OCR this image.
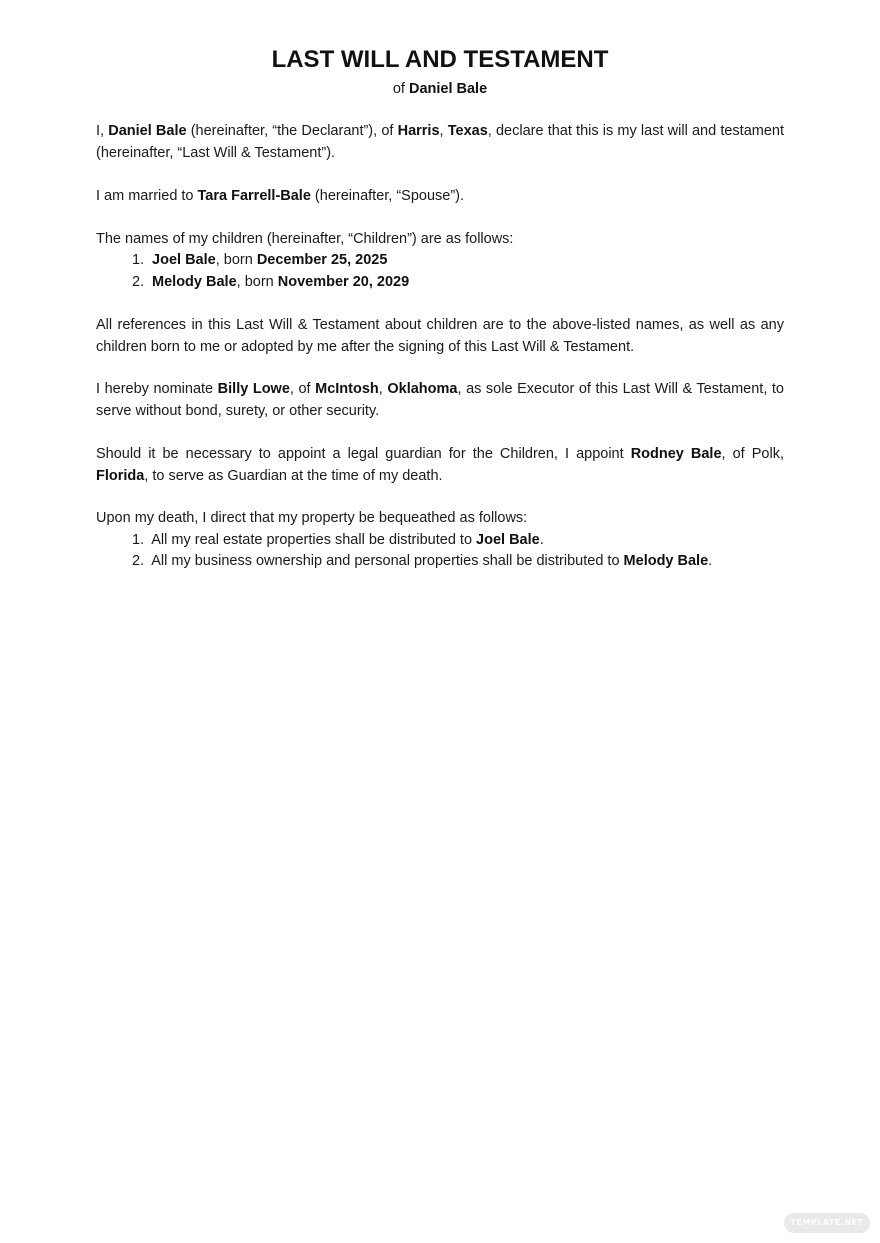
LAST WILL AND TESTAMENT
of Daniel Bale
I, Daniel Bale (hereinafter, “the Declarant”), of Harris, Texas, declare that this is my last will and testament (hereinafter, “Last Will & Testament”).
I am married to Tara Farrell-Bale (hereinafter, “Spouse”).
The names of my children (hereinafter, “Children”) are as follows:
1. Joel Bale, born December 25, 2025
2. Melody Bale, born November 20, 2029
All references in this Last Will & Testament about children are to the above-listed names, as well as any children born to me or adopted by me after the signing of this Last Will & Testament.
I hereby nominate Billy Lowe, of McIntosh, Oklahoma, as sole Executor of this Last Will & Testament, to serve without bond, surety, or other security.
Should it be necessary to appoint a legal guardian for the Children, I appoint Rodney Bale, of Polk, Florida, to serve as Guardian at the time of my death.
Upon my death, I direct that my property be bequeathed as follows:
1. All my real estate properties shall be distributed to Joel Bale.
2. All my business ownership and personal properties shall be distributed to Melody Bale.
TEMPLATE.NET
